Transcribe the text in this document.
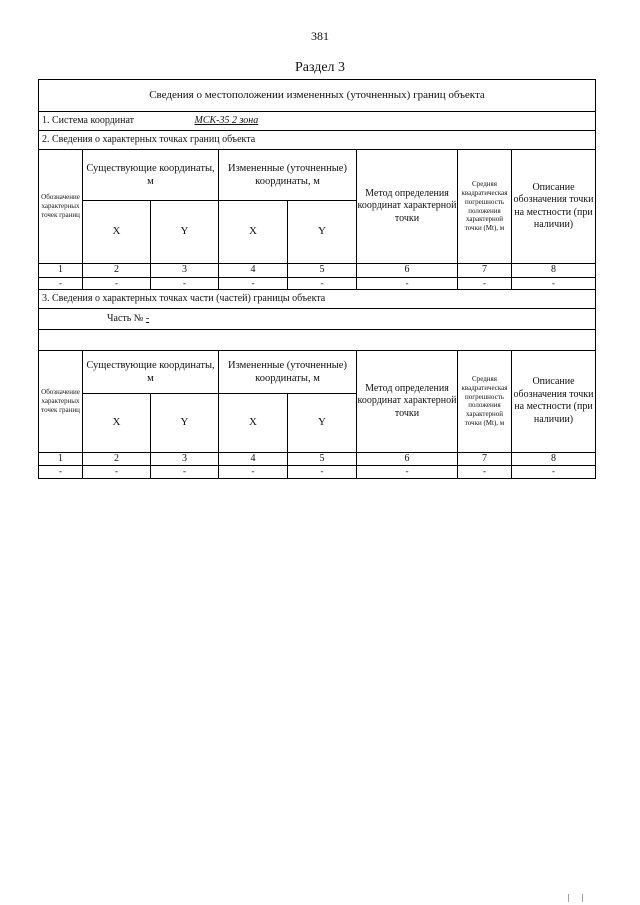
381
Раздел 3
Сведения о местоположении измененных (уточненных) границ объекта							
1. Система координат МСК-35 2 зона							
2. Сведения о характерных точках границ объекта							
Обозначение характерных точек границ	Существующие координаты, м		Измененные (уточненные) координаты, м		Метод определения координат характерной точки	Средняя квадратическая погрешность положения характерной точки (Mt), м	Описание обозначения точки на местности (при наличии)
	X	Y	X	Y			
1	2	3	4	5	6	7	8
-	-	-	-	-	-	-	-
3. Сведения о характерных точках части (частей) границы объекта							
Часть № -							

Обозначение характерных точек границ	Существующие координаты, м		Измененные (уточненные) координаты, м		Метод определения координат характерной точки	Средняя квадратическая погрешность положения характерной точки (Mt), м	Описание обозначения точки на местности (при наличии)
	X	Y	X	Y			
1	2	3	4	5	6	7	8
-	-	-	-	-	-	-	-
| |
